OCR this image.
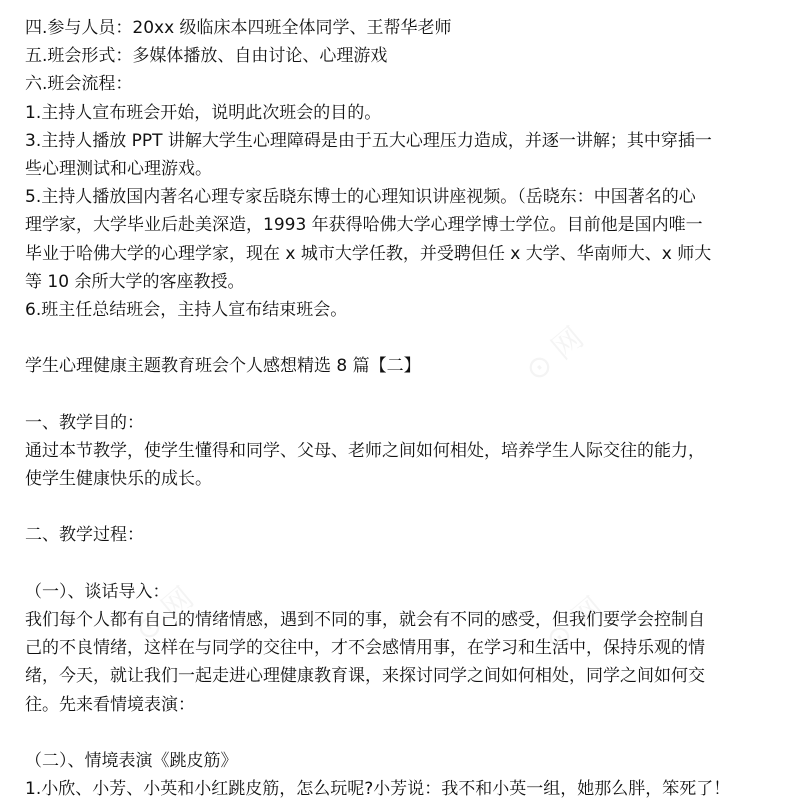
⊙ 网
⊙ 网	⊙ 网
四.参与人员：20xx 级临床本四班全体同学、王帮华老师
五.班会形式：多媒体播放、自由讨论、心理游戏
六.班会流程：
1.主持人宣布班会开始，说明此次班会的目的。
3.主持人播放 PPT 讲解大学生心理障碍是由于五大心理压力造成，并逐一讲解；其中穿插一
些心理测试和心理游戏。
5.主持人播放国内著名心理专家岳晓东博士的心理知识讲座视频。（岳晓东：中国著名的心
理学家，大学毕业后赴美深造，1993 年获得哈佛大学心理学博士学位。目前他是国内唯一
毕业于哈佛大学的心理学家，现在 x 城市大学任教，并受聘但任 x 大学、华南师大、x 师大
等 10 余所大学的客座教授。
6.班主任总结班会，主持人宣布结束班会。
学生心理健康主题教育班会个人感想精选 8 篇【二】
一、教学目的：
通过本节教学，使学生懂得和同学、父母、老师之间如何相处，培养学生人际交往的能力，
使学生健康快乐的成长。
二、教学过程：
（一）、谈话导入：
我们每个人都有自己的情绪情感，遇到不同的事，就会有不同的感受，但我们要学会控制自
己的不良情绪，这样在与同学的交往中，才不会感情用事，在学习和生活中，保持乐观的情
绪，今天，就让我们一起走进心理健康教育课，来探讨同学之间如何相处，同学之间如何交
往。先来看情境表演：
（二）、情境表演《跳皮筋》
1.小欣、小芳、小英和小红跳皮筋，怎么玩呢?小芳说：我不和小英一组，她那么胖，笨死了！
